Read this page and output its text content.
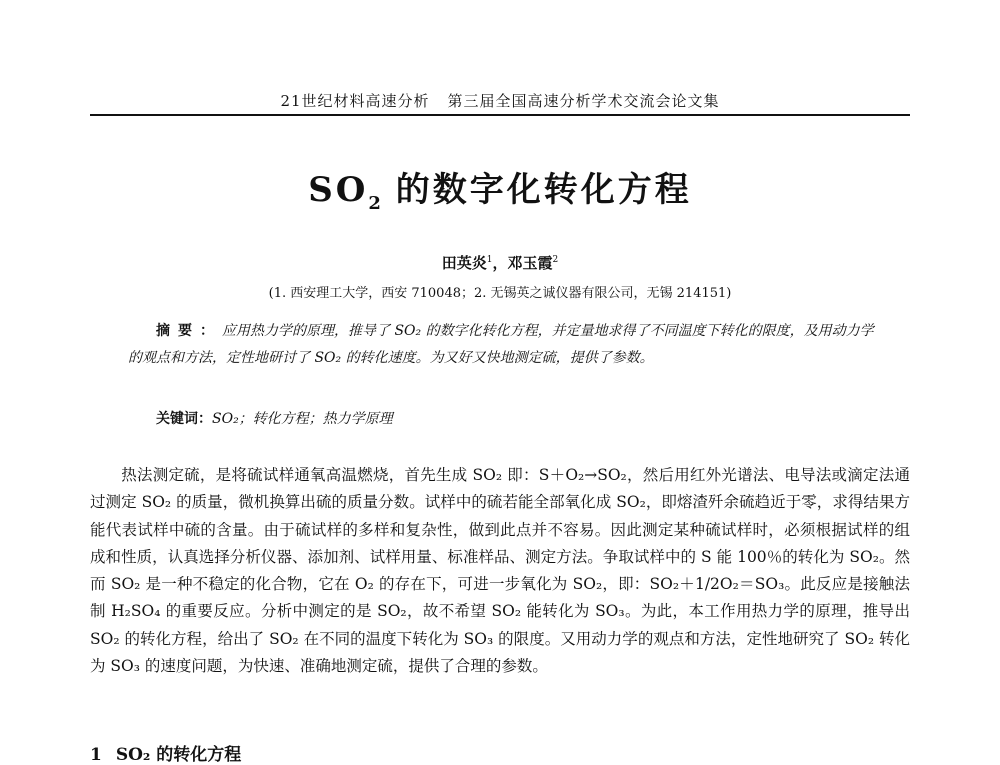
21世纪材料高速分析 第三届全国高速分析学术交流会论文集
$SO_2$ 的数字化转化方程
田英炎$^1$，邓玉霞$^2$
(1. 西安理工大学，西安 710048；2. 无锡英之诚仪器有限公司，无锡 214151)
摘要：应用热力学的原理，推导了 SO₂ 的数字化转化方程，并定量地求得了不同温度下转化的限度，及用动力学的观点和方法，定性地研讨了 SO₂ 的转化速度。为又好又快地测定硫，提供了参数。
关键词：SO₂；转化方程；热力学原理
热法测定硫，是将硫试样通氧高温燃烧，首先生成 SO₂ 即：S＋O₂→SO₂，然后用红外光谱法、电导法或滴定法通过测定 SO₂ 的质量，微机换算出硫的质量分数。试样中的硫若能全部氧化成 SO₂，即熔渣歼余硫趋近于零，求得结果方能代表试样中硫的含量。由于硫试样的多样和复杂性，做到此点并不容易。因此测定某种硫试样时，必须根据试样的组成和性质，认真选择分析仪器、添加剂、试样用量、标准样品、测定方法。争取试样中的 S 能 100％的转化为 SO₂。然而 SO₂ 是一种不稳定的化合物，它在 O₂ 的存在下，可进一步氧化为 SO₂，即：SO₂＋1/2O₂＝SO₃。此反应是接触法制 H₂SO₄ 的重要反应。分析中测定的是 SO₂，故不希望 SO₂ 能转化为 SO₃。为此，本工作用热力学的原理，推导出 SO₂ 的转化方程，给出了 SO₂ 在不同的温度下转化为 SO₃ 的限度。又用动力学的观点和方法，定性地研究了 SO₂ 转化为 SO₃ 的速度问题，为快速、准确地测定硫，提供了合理的参数。
1 SO₂ 的转化方程
